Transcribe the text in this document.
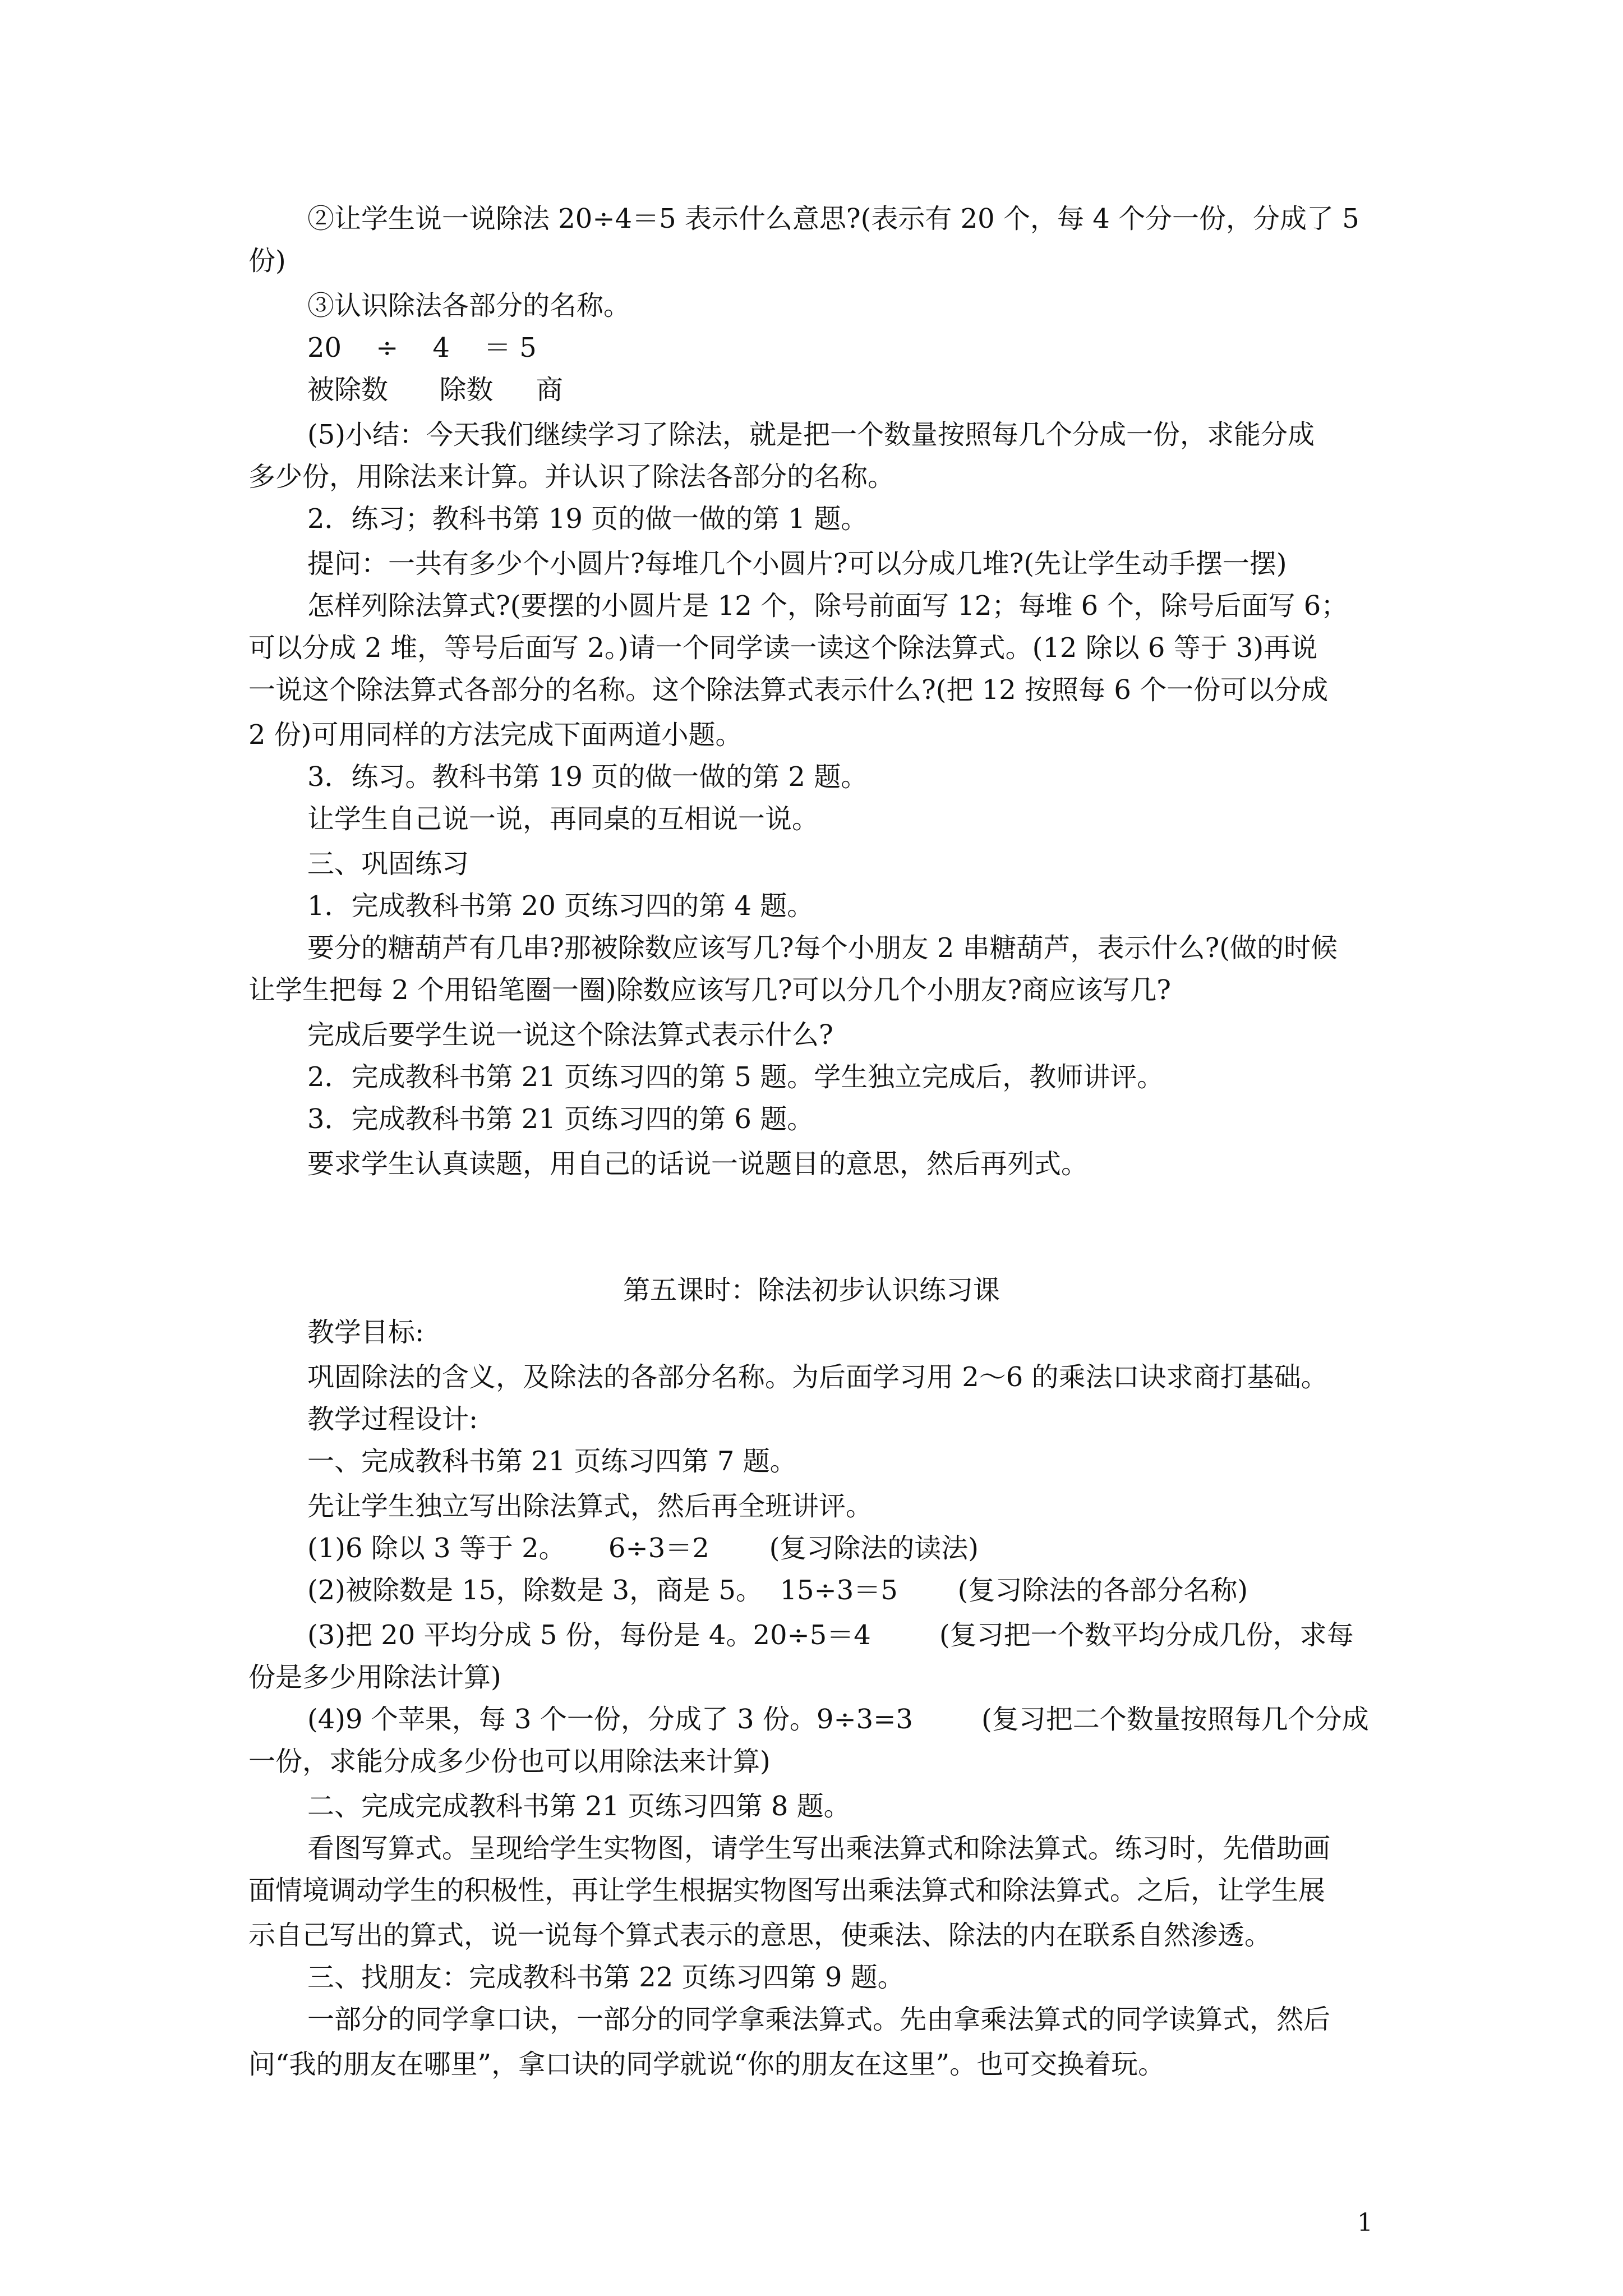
②让学生说一说除法 20÷4＝5 表示什么意思?(表示有 20 个，每 4 个分一份，分成了 5
份)
③认识除法各部分的名称。
20    ÷    4    ＝ 5
被除数      除数     商
(5)小结：今天我们继续学习了除法，就是把一个数量按照每几个分成一份，求能分成
多少份，用除法来计算。并认识了除法各部分的名称。
2．练习；教科书第 19 页的做一做的第 1 题。
提问：一共有多少个小圆片?每堆几个小圆片?可以分成几堆?(先让学生动手摆一摆)
怎样列除法算式?(要摆的小圆片是 12 个，除号前面写 12；每堆 6 个，除号后面写 6；
可以分成 2 堆，等号后面写 2。)请一个同学读一读这个除法算式。(12 除以 6 等于 3)再说
一说这个除法算式各部分的名称。这个除法算式表示什么?(把 12 按照每 6 个一份可以分成
2 份)可用同样的方法完成下面两道小题。
3．练习。教科书第 19 页的做一做的第 2 题。
让学生自己说一说，再同桌的互相说一说。
三、巩固练习
1．完成教科书第 20 页练习四的第 4 题。
要分的糖葫芦有几串?那被除数应该写几?每个小朋友 2 串糖葫芦，表示什么?(做的时候
让学生把每 2 个用铅笔圈一圈)除数应该写几?可以分几个小朋友?商应该写几?
完成后要学生说一说这个除法算式表示什么?
2．完成教科书第 21 页练习四的第 5 题。学生独立完成后，教师讲评。
3．完成教科书第 21 页练习四的第 6 题。
要求学生认真读题，用自己的话说一说题目的意思，然后再列式。
第五课时：除法初步认识练习课
教学目标:
巩固除法的含义，及除法的各部分名称。为后面学习用 2～6 的乘法口诀求商打基础。
教学过程设计:
一、完成教科书第 21 页练习四第 7 题。
先让学生独立写出除法算式，然后再全班讲评。
(1)6 除以 3 等于 2。     6÷3＝2       (复习除法的读法)
(2)被除数是 15，除数是 3，商是 5。  15÷3＝5       (复习除法的各部分名称)
(3)把 20 平均分成 5 份，每份是 4。20÷5＝4        (复习把一个数平均分成几份，求每
份是多少用除法计算)
(4)9 个苹果，每 3 个一份，分成了 3 份。9÷3=3        (复习把二个数量按照每几个分成
一份，求能分成多少份也可以用除法来计算)
二、完成完成教科书第 21 页练习四第 8 题。
看图写算式。呈现给学生实物图，请学生写出乘法算式和除法算式。练习时，先借助画
面情境调动学生的积极性，再让学生根据实物图写出乘法算式和除法算式。之后，让学生展
示自己写出的算式，说一说每个算式表示的意思，使乘法、除法的内在联系自然渗透。
三、找朋友：完成教科书第 22 页练习四第 9 题。
一部分的同学拿口诀，一部分的同学拿乘法算式。先由拿乘法算式的同学读算式，然后
问“我的朋友在哪里”，拿口诀的同学就说“你的朋友在这里”。也可交换着玩。
1
